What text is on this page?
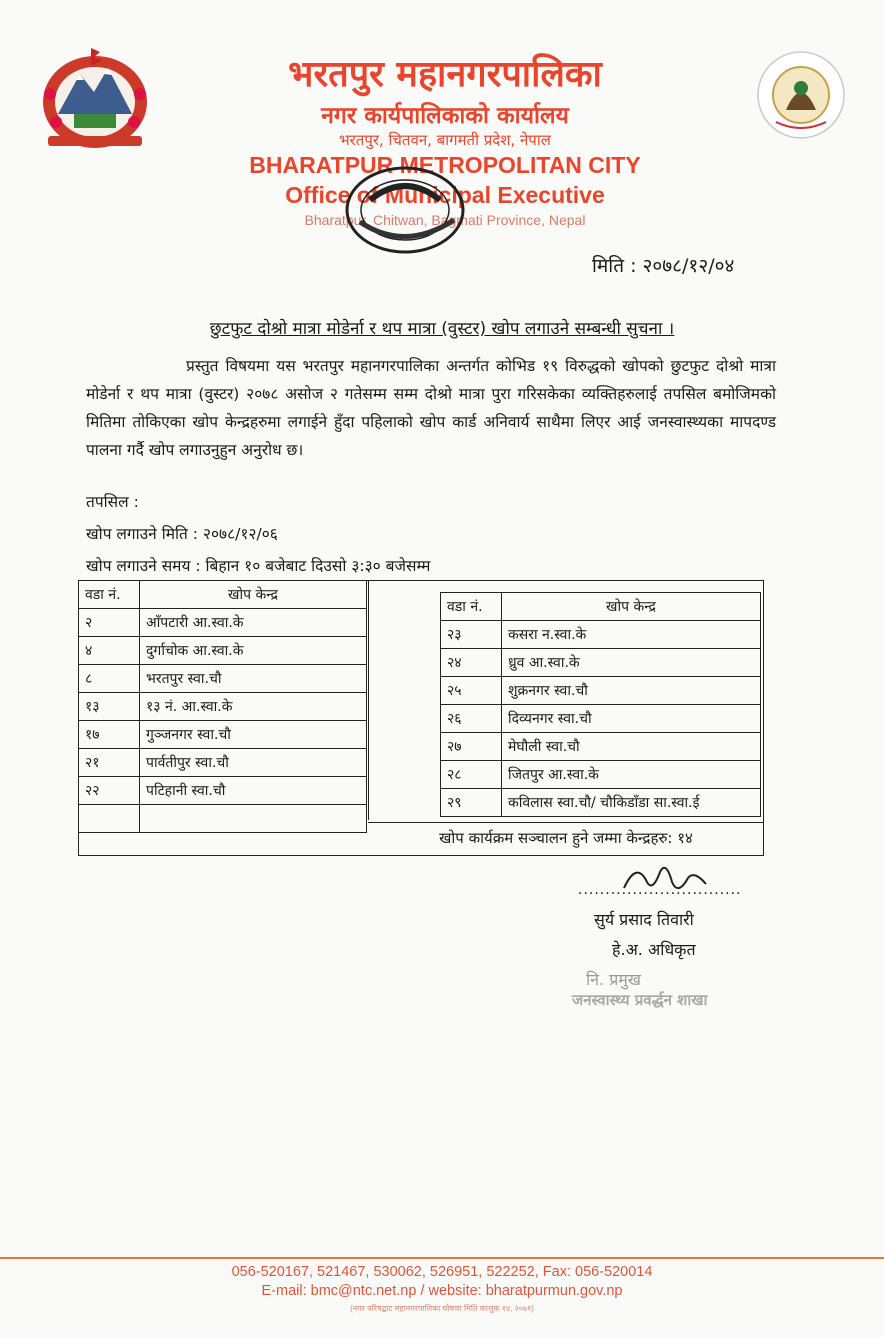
भरतपुर महानगरपालिका
नगर कार्यपालिकाको कार्यालय
भरतपुर, चितवन, बागमती प्रदेश, नेपाल
BHARATPUR METROPOLITAN CITY
Office of Municipal Executive
Bharatpur, Chitwan, Bagmati Province, Nepal
मिति : २०७८/१२/०४
छुटफुट दोश्रो मात्रा मोडेर्ना र थप मात्रा (वुस्टर) खोप लगाउने सम्बन्धी सुचना ।
प्रस्तुत विषयमा यस भरतपुर महानगरपालिका अन्तर्गत कोभिड १९ विरुद्धको खोपको छुटफुट दोश्रो मात्रा मोडेर्ना र थप मात्रा (वुस्टर) २०७८ असोज २ गतेसम्म सम्म दोश्रो मात्रा पुरा गरिसकेका व्यक्तिहरुलाई तपसिल बमोजिमको मितिमा तोकिएका खोप केन्द्रहरुमा लगाईने हुँदा पहिलाको खोप कार्ड अनिवार्य साथैमा लिएर आई जनस्वास्थ्यका मापदण्ड पालना गर्दै खोप लगाउनुहुन अनुरोध छ।
तपसिल :
खोप लगाउने मिति : २०७८/१२/०६
खोप लगाउने समय : बिहान १० बजेबाट दिउसो ३:३० बजेसम्म
वडा नं.	खोप केन्द्र
२	आँपटारी आ.स्वा.के
४	दुर्गाचोक आ.स्वा.के
८	भरतपुर स्वा.चौ
१३	१३ नं. आ.स्वा.के
१७	गुञ्जनगर स्वा.चौ
२१	पार्वतीपुर स्वा.चौ
२२	पटिहानी स्वा.चौ

वडा नं.	खोप केन्द्र
२३	कसरा न.स्वा.के
२४	ध्रुव आ.स्वा.के
२५	शुक्रनगर स्वा.चौ
२६	दिव्यनगर स्वा.चौ
२७	मेघौली स्वा.चौ
२८	जितपुर आ.स्वा.के
२९	कविलास स्वा.चौ/ चौकिडाँडा सा.स्वा.ई
खोप कार्यक्रम सञ्चालन हुने जम्मा केन्द्रहरु: १४
..............................
सुर्य प्रसाद तिवारी
हे.अ. अधिकृत
नि. प्रमुख
जनस्वास्थ्य प्रवर्द्धन शाखा
056-520167, 521467, 530062, 526951, 522252, Fax: 056-520014
E-mail: bmc@ntc.net.np / website: bharatpurmun.gov.np
(नगर परिषद्बाट महानगरपालिका घोषणा मिति कात्तुक १४, २०७१)
